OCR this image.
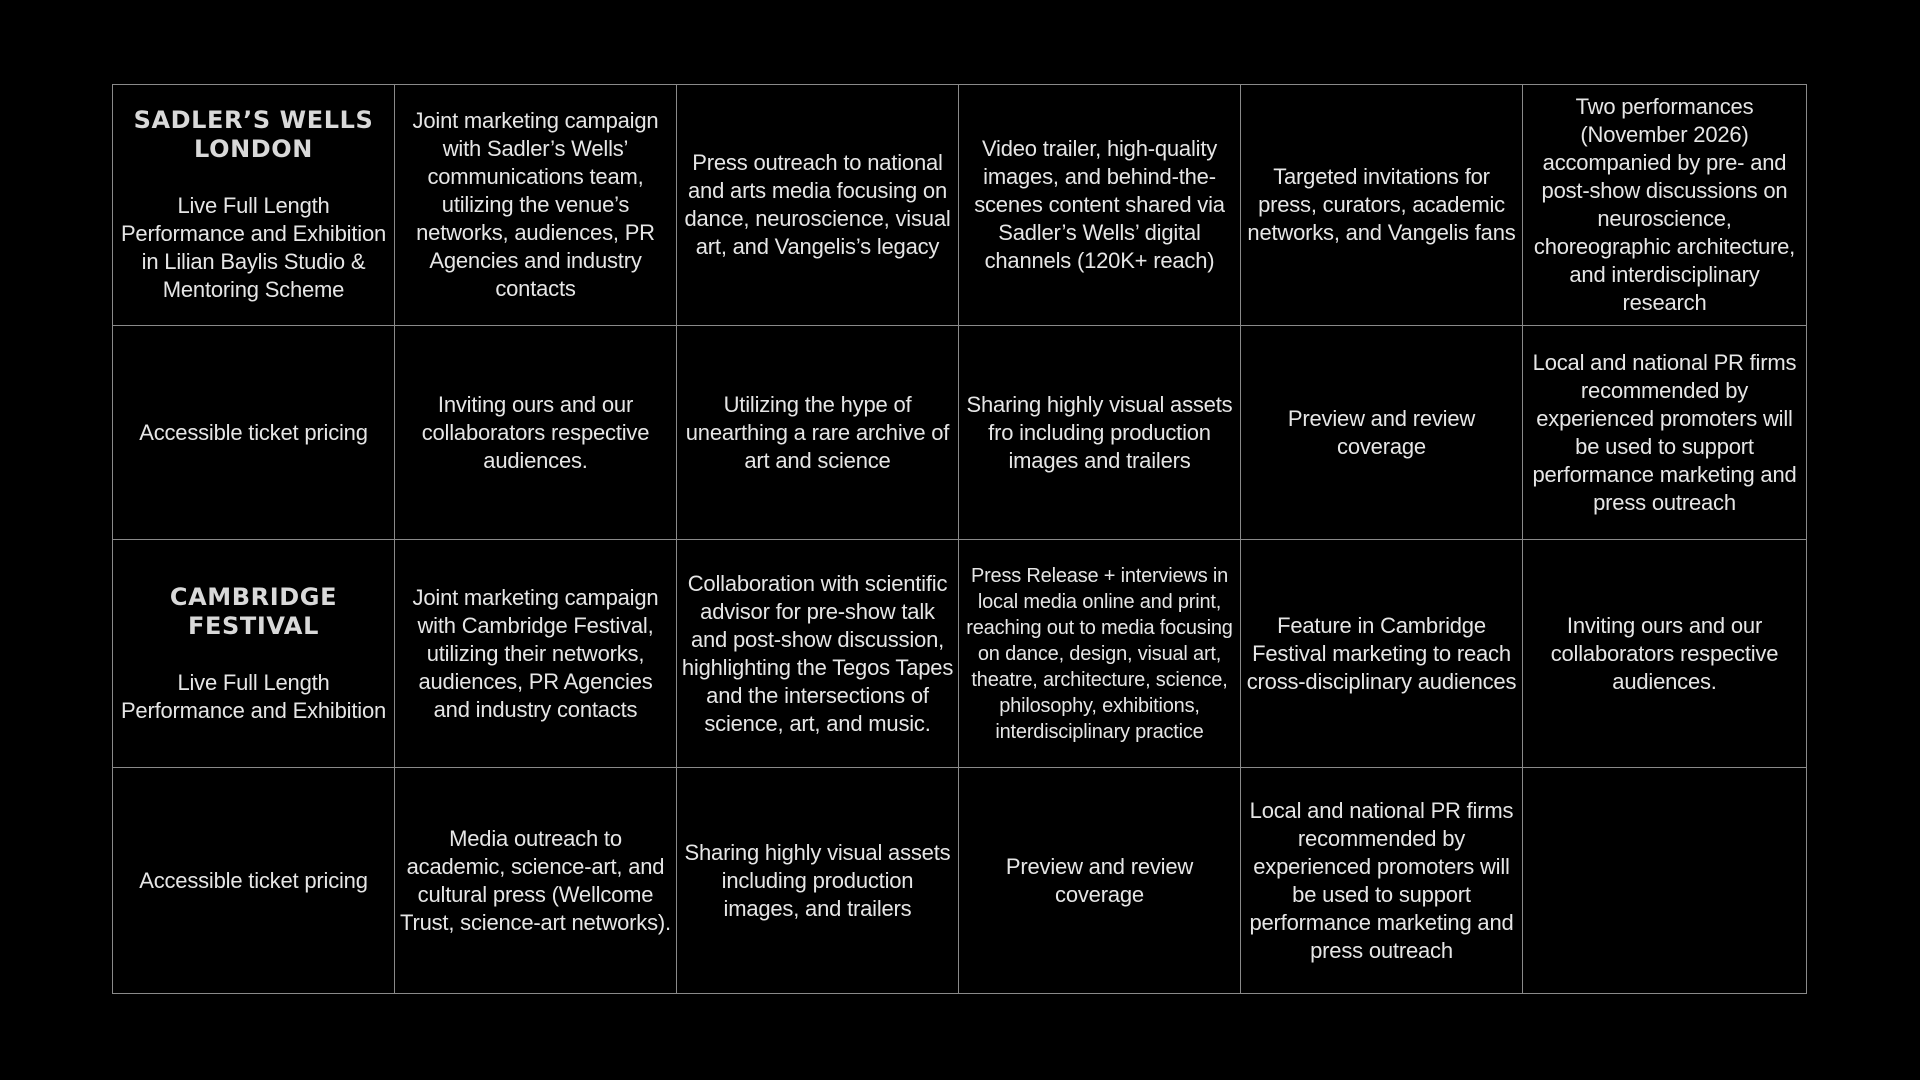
SADLER’S WELLS LONDON
Live Full Length Performance and Exhibition in Lilian Baylis Studio & Mentoring Scheme	Joint marketing campaign with Sadler’s Wells’ communications team, utilizing the venue’s networks, audiences, PR Agencies and industry contacts	Press outreach to national and arts media focusing on dance, neuroscience, visual art, and Vangelis’s legacy	Video trailer, high-quality images, and behind-the-scenes content shared via Sadler’s Wells’ digital channels (120K+ reach)	Targeted invitations for press, curators, academic networks, and Vangelis fans	Two performances (November 2026) accompanied by pre- and post-show discussions on neuroscience, choreographic architecture, and interdisciplinary research
Accessible ticket pricing	Inviting ours and our collaborators respective audiences.	Utilizing the hype of unearthing a rare archive of art and science	Sharing highly visual assets fro including production images and trailers	Preview and review coverage	Local and national PR firms recommended by experienced promoters will be used to support performance marketing and press outreach

CAMBRIDGE FESTIVAL
Live Full Length Performance and Exhibition	Joint marketing campaign with Cambridge Festival, utilizing their networks, audiences, PR Agencies and industry contacts	Collaboration with scientific advisor for pre-show talk and post-show discussion, highlighting the Tegos Tapes and the intersections of science, art, and music.	Press Release + interviews in local media online and print, reaching out to media focusing on dance, design, visual art, theatre, architecture, science, philosophy, exhibitions, interdisciplinary practice	Feature in Cambridge Festival marketing to reach cross-disciplinary audiences	Inviting ours and our collaborators respective audiences.
Accessible ticket pricing	Media outreach to academic, science-art, and cultural press (Wellcome Trust, science-art networks).	Sharing highly visual assets including production images, and trailers	Preview and review coverage	Local and national PR firms recommended by experienced promoters will be used to support performance marketing and press outreach	
